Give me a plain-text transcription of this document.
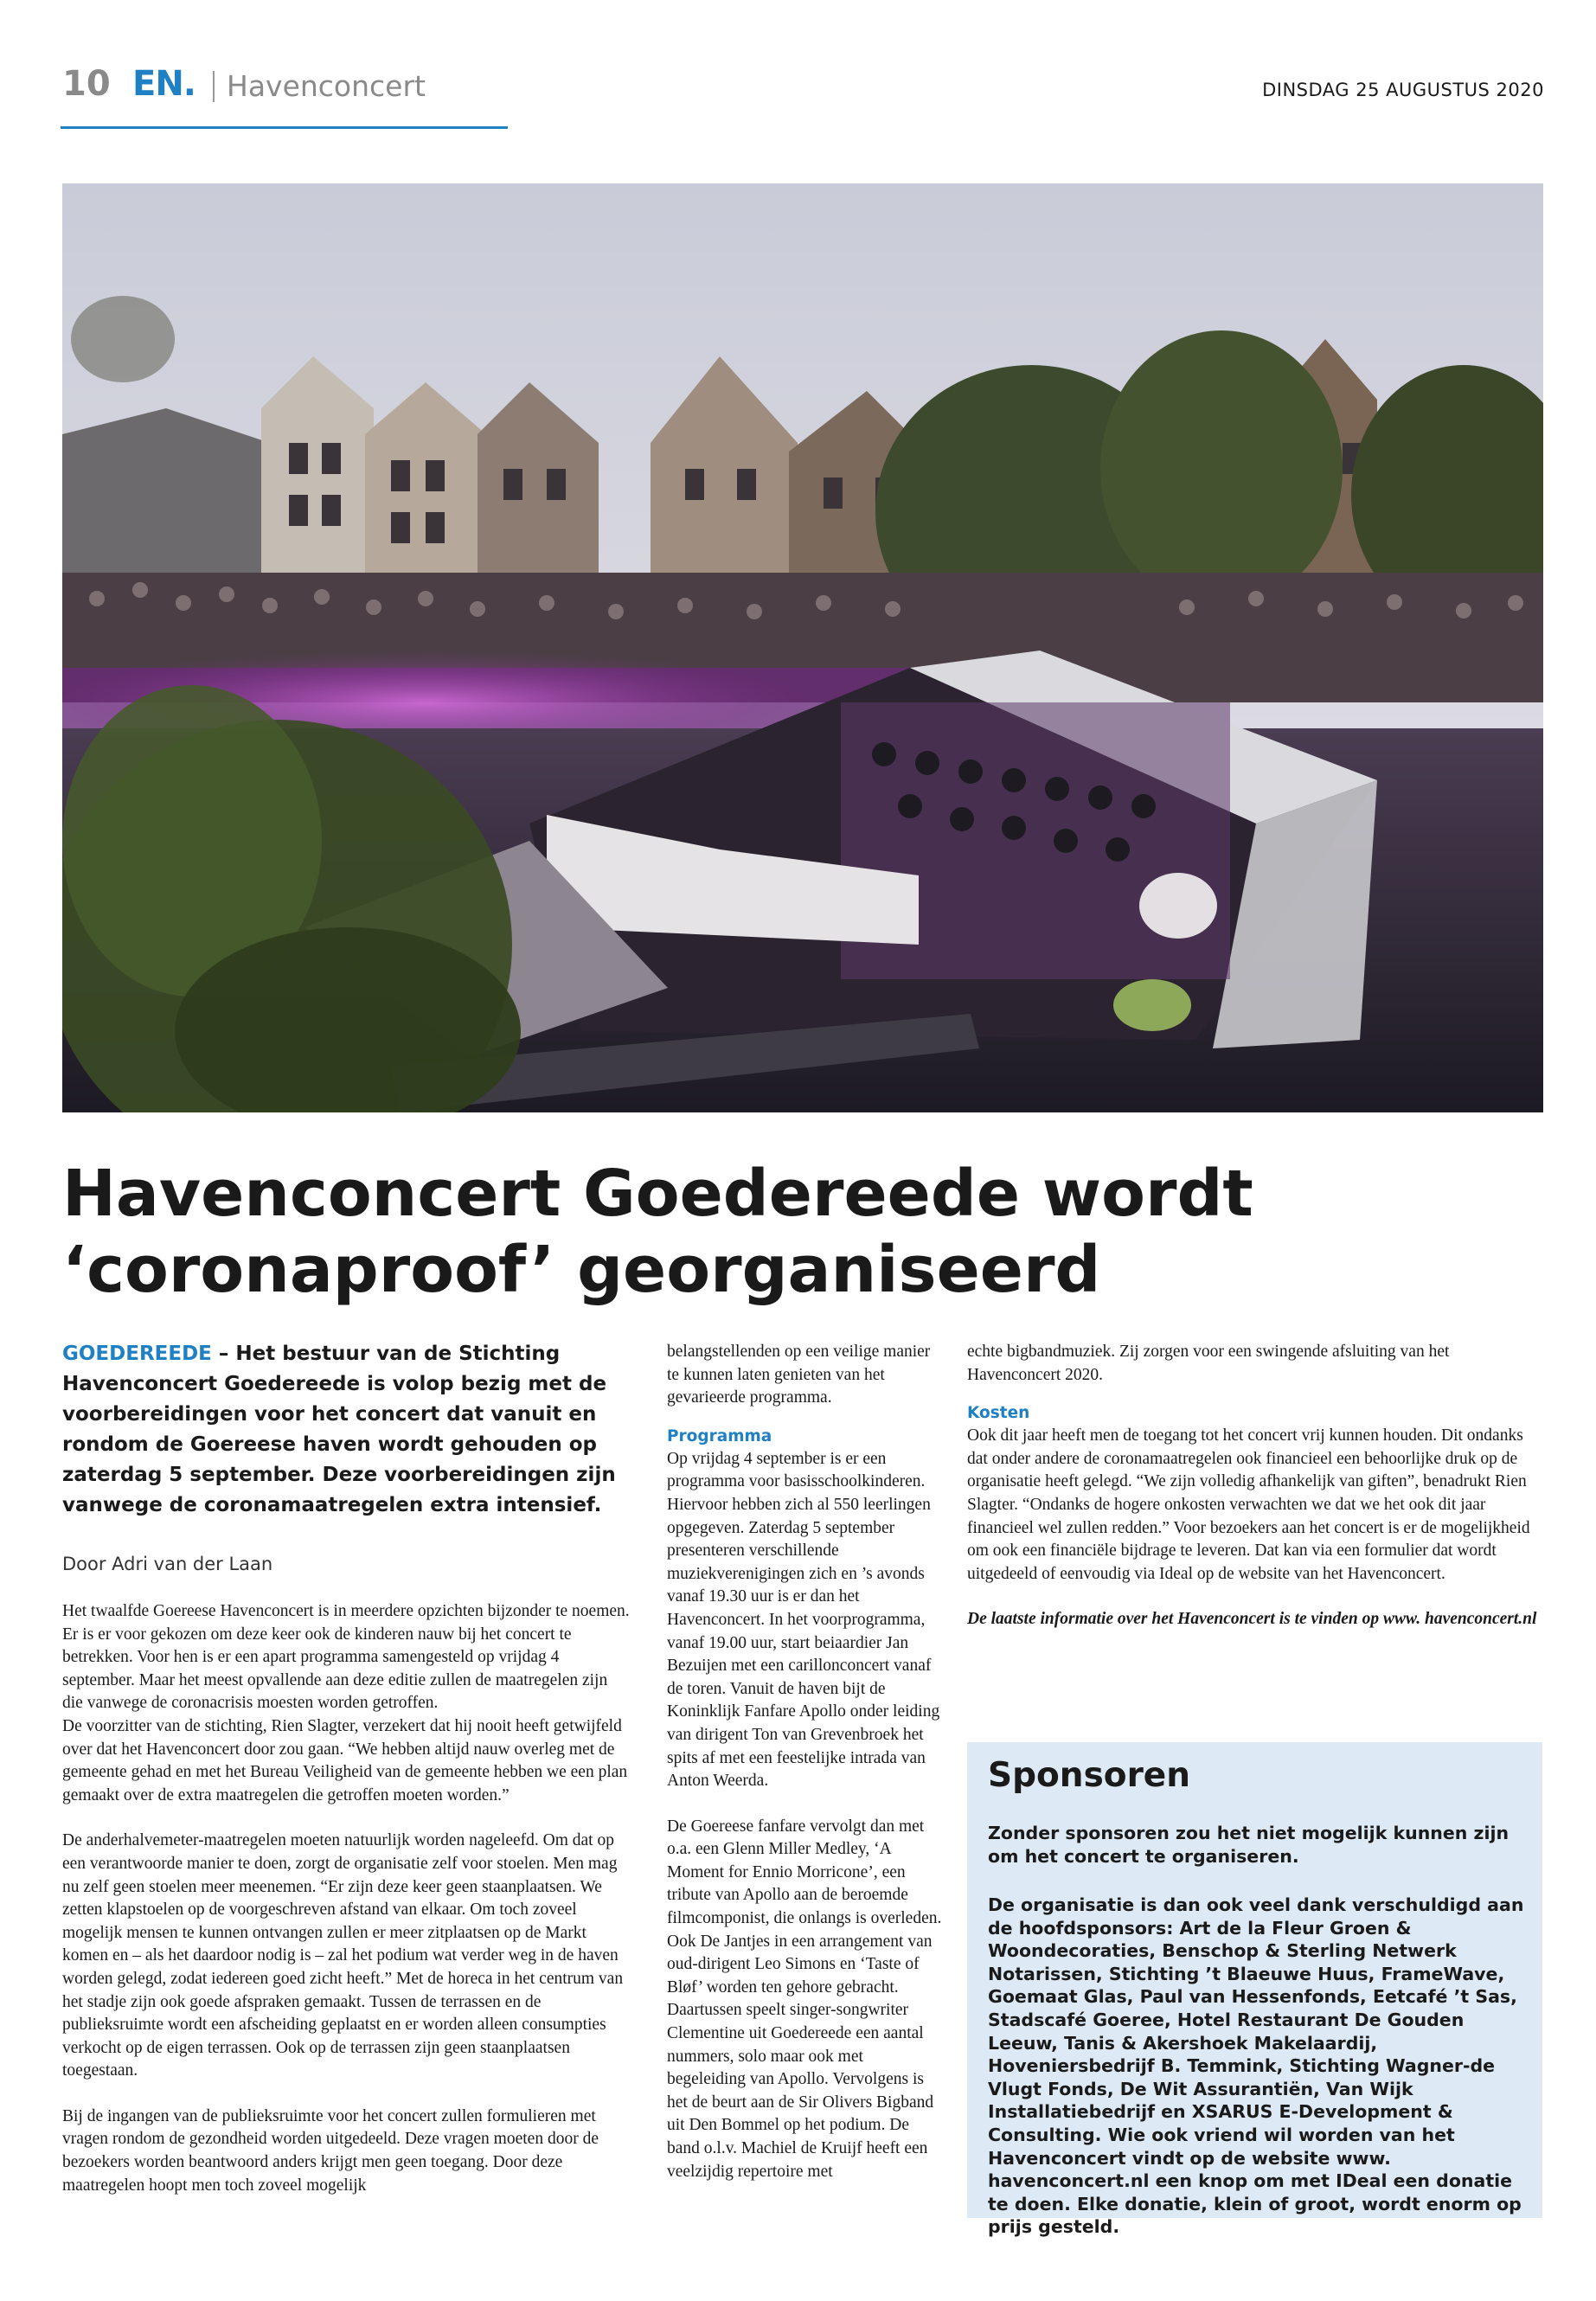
10 EN. Havenconcert	DINSDAG 25 AUGUSTUS 2020
Havenconcert Goedereede wordt
‘coronaproof’ georganiseerd

GOEDEREEDE – Het bestuur van de Stichting Havenconcert Goedereede is volop bezig met de voorbereidingen voor het concert dat vanuit en rondom de Goereese haven wordt gehouden op zaterdag 5 september. Deze voorbereidingen zijn vanwege de coronamaatregelen extra intensief.

Door Adri van der Laan

Het twaalfde Goereese Havenconcert is in meerdere opzichten bijzonder te noemen. Er is er voor gekozen om deze keer ook de kinderen nauw bij het concert te betrekken. Voor hen is er een apart programma samengesteld op vrijdag 4 september. Maar het meest opvallende aan deze editie zullen de maatregelen zijn die vanwege de coronacrisis moesten worden getroffen.

De voorzitter van de stichting, Rien Slagter, verzekert dat hij nooit heeft getwijfeld over dat het Havenconcert door zou gaan. “We hebben altijd nauw overleg met de gemeente gehad en met het Bureau Veiligheid van de gemeente hebben we een plan gemaakt over de extra maatregelen die getroffen moeten worden.”

De anderhalvemeter-maatregelen moeten natuurlijk worden nageleefd. Om dat op een verantwoorde manier te doen, zorgt de organisatie zelf voor stoelen. Men mag nu zelf geen stoelen meer meenemen. “Er zijn deze keer geen staanplaatsen. We zetten klapstoelen op de voorgeschreven afstand van elkaar. Om toch zoveel mogelijk mensen te kunnen ontvangen zullen er meer zitplaatsen op de Markt komen en – als het daardoor nodig is – zal het podium wat verder weg in de haven worden gelegd, zodat iedereen goed zicht heeft.” Met de horeca in het centrum van het stadje zijn ook goede afspraken gemaakt. Tussen de terrassen en de publieksruimte wordt een afscheiding geplaatst en er worden alleen consumpties verkocht op de eigen terrassen. Ook op de terrassen zijn geen staanplaatsen toegestaan.

Bij de ingangen van de publieksruimte voor het concert zullen formulieren met vragen rondom de gezondheid worden uitgedeeld. Deze vragen moeten door de bezoekers worden beantwoord anders krijgt men geen toegang. Door deze maatregelen hoopt men toch zoveel mogelijk

belangstellenden op een veilige manier te kunnen laten genieten van het gevarieerde programma.

Programma

Op vrijdag 4 september is er een programma voor basisschoolkinderen. Hiervoor hebben zich al 550 leerlingen opgegeven. Zaterdag 5 september presenteren verschillende muziekverenigingen zich en ’s avonds vanaf 19.30 uur is er dan het Havenconcert. In het voorprogramma, vanaf 19.00 uur, start beiaardier Jan Bezuijen met een carillonconcert vanaf de toren. Vanuit de haven bijt de Koninklijk Fanfare Apollo onder leiding van dirigent Ton van Grevenbroek het spits af met een feestelijke intrada van Anton Weerda.

De Goereese fanfare vervolgt dan met o.a. een Glenn Miller Medley, ‘A Moment for Ennio Morricone’, een tribute van Apollo aan de beroemde filmcomponist, die onlangs is overleden. Ook De Jantjes in een arrangement van oud-dirigent Leo Simons en ‘Taste of Bløf’ worden ten gehore gebracht. Daartussen speelt singer-songwriter Clementine uit Goedereede een aantal nummers, solo maar ook met begeleiding van Apollo. Vervolgens is het de beurt aan de Sir Olivers Bigband uit Den Bommel op het podium. De band o.l.v. Machiel de Kruijf heeft een veelzijdig repertoire met

echte bigbandmuziek. Zij zorgen voor een swingende afsluiting van het Havenconcert 2020.

Kosten

Ook dit jaar heeft men de toegang tot het concert vrij kunnen houden. Dit ondanks dat onder andere de coronamaatregelen ook financieel een behoorlijke druk op de organisatie heeft gelegd. “We zijn volledig afhankelijk van giften”, benadrukt Rien Slagter. “Ondanks de hogere onkosten verwachten we dat we het ook dit jaar financieel wel zullen redden.” Voor bezoekers aan het concert is er de mogelijkheid om ook een financiële bijdrage te leveren. Dat kan via een formulier dat wordt uitgedeeld of eenvoudig via Ideal op de website van het Havenconcert.

De laatste informatie over het Havenconcert is te vinden op www. havenconcert.nl

Sponsoren

Zonder sponsoren zou het niet mogelijk kunnen zijn om het concert te organiseren.

De organisatie is dan ook veel dank verschuldigd aan de hoofdsponsors: Art de la Fleur Groen & Woondecoraties, Benschop & Sterling Netwerk Notarissen, Stichting ’t Blaeuwe Huus, FrameWave, Goemaat Glas, Paul van Hessenfonds, Eetcafé ’t Sas, Stadscafé Goeree, Hotel Restaurant De Gouden Leeuw, Tanis & Akershoek Makelaardij, Hoveniersbedrijf B. Temmink, Stichting Wagner-de Vlugt Fonds, De Wit Assurantiën, Van Wijk Installatiebedrijf en XSARUS E-Development & Consulting. Wie ook vriend wil worden van het Havenconcert vindt op de website www. havenconcert.nl een knop om met IDeal een donatie te doen. Elke donatie, klein of groot, wordt enorm op prijs gesteld.
